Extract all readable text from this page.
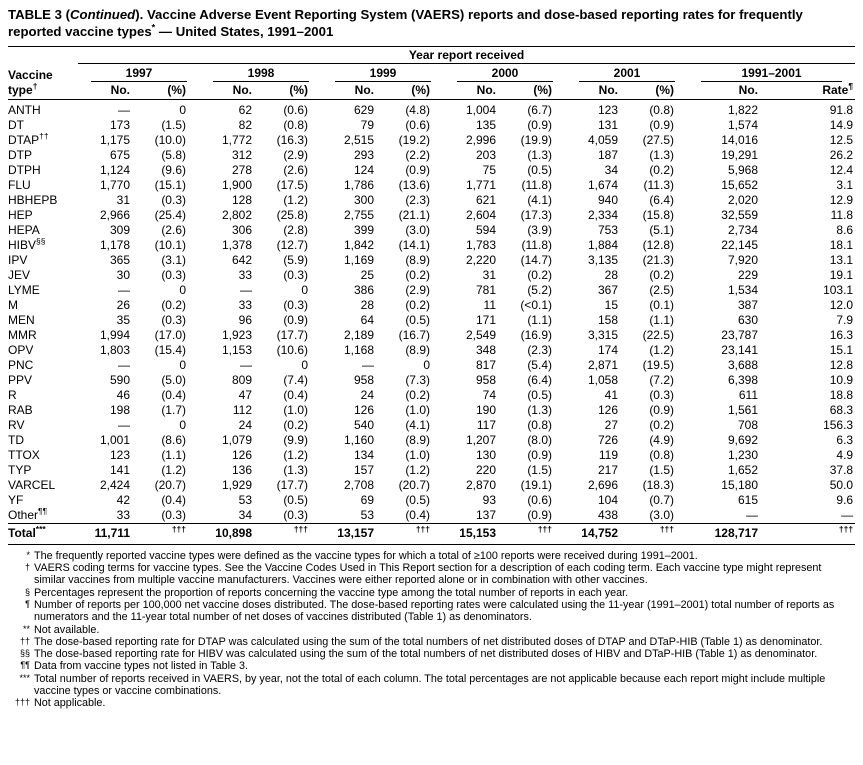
TABLE 3 (Continued). Vaccine Adverse Event Reporting System (VAERS) reports and dose-based reporting rates for frequently reported vaccine types* — United States, 1991–2001
	Year report received											
Vaccine	1997		1998		1999		2000		2001		1991–2001	

type†	No.	(%)	No.	(%)	No.	(%)	No.	(%)	No.	(%)	No.	Rate¶
ANTH	—	0	62	(0.6)	629	(4.8)	1,004	(6.7)	123	(0.8)	1,822	91.8
DT	173	(1.5)	82	(0.8)	79	(0.6)	135	(0.9)	131	(0.9)	1,574	14.9
DTAP††	1,175	(10.0)	1,772	(16.3)	2,515	(19.2)	2,996	(19.9)	4,059	(27.5)	14,016	12.5
DTP	675	(5.8)	312	(2.9)	293	(2.2)	203	(1.3)	187	(1.3)	19,291	26.2
DTPH	1,124	(9.6)	278	(2.6)	124	(0.9)	75	(0.5)	34	(0.2)	5,968	12.4
FLU	1,770	(15.1)	1,900	(17.5)	1,786	(13.6)	1,771	(11.8)	1,674	(11.3)	15,652	3.1
HBHEPB	31	(0.3)	128	(1.2)	300	(2.3)	621	(4.1)	940	(6.4)	2,020	12.9
HEP	2,966	(25.4)	2,802	(25.8)	2,755	(21.1)	2,604	(17.3)	2,334	(15.8)	32,559	11.8
HEPA	309	(2.6)	306	(2.8)	399	(3.0)	594	(3.9)	753	(5.1)	2,734	8.6
HIBV§§	1,178	(10.1)	1,378	(12.7)	1,842	(14.1)	1,783	(11.8)	1,884	(12.8)	22,145	18.1
IPV	365	(3.1)	642	(5.9)	1,169	(8.9)	2,220	(14.7)	3,135	(21.3)	7,920	13.1
JEV	30	(0.3)	33	(0.3)	25	(0.2)	31	(0.2)	28	(0.2)	229	19.1
LYME	—	0	—	0	386	(2.9)	781	(5.2)	367	(2.5)	1,534	103.1
M	26	(0.2)	33	(0.3)	28	(0.2)	11	(<0.1)	15	(0.1)	387	12.0
MEN	35	(0.3)	96	(0.9)	64	(0.5)	171	(1.1)	158	(1.1)	630	7.9
MMR	1,994	(17.0)	1,923	(17.7)	2,189	(16.7)	2,549	(16.9)	3,315	(22.5)	23,787	16.3
OPV	1,803	(15.4)	1,153	(10.6)	1,168	(8.9)	348	(2.3)	174	(1.2)	23,141	15.1
PNC	—	0	—	0	—	0	817	(5.4)	2,871	(19.5)	3,688	12.8
PPV	590	(5.0)	809	(7.4)	958	(7.3)	958	(6.4)	1,058	(7.2)	6,398	10.9
R	46	(0.4)	47	(0.4)	24	(0.2)	74	(0.5)	41	(0.3)	611	18.8
RAB	198	(1.7)	112	(1.0)	126	(1.0)	190	(1.3)	126	(0.9)	1,561	68.3
RV	—	0	24	(0.2)	540	(4.1)	117	(0.8)	27	(0.2)	708	156.3
TD	1,001	(8.6)	1,079	(9.9)	1,160	(8.9)	1,207	(8.0)	726	(4.9)	9,692	6.3
TTOX	123	(1.1)	126	(1.2)	134	(1.0)	130	(0.9)	119	(0.8)	1,230	4.9
TYP	141	(1.2)	136	(1.3)	157	(1.2)	220	(1.5)	217	(1.5)	1,652	37.8
VARCEL	2,424	(20.7)	1,929	(17.7)	2,708	(20.7)	2,870	(19.1)	2,696	(18.3)	15,180	50.0
YF	42	(0.4)	53	(0.5)	69	(0.5)	93	(0.6)	104	(0.7)	615	9.6
Other¶¶	33	(0.3)	34	(0.3)	53	(0.4)	137	(0.9)	438	(3.0)	—	—
Total***	11,711	†††	10,898	†††	13,157	†††	15,153	†††	14,752	†††	128,717	†††
* The frequently reported vaccine types were defined as the vaccine types for which a total of ≥100 reports were received during 1991–2001.
† VAERS coding terms for vaccine types. See the Vaccine Codes Used in This Report section for a description of each coding term. Each vaccine type might represent similar vaccines from multiple vaccine manufacturers. Vaccines were either reported alone or in combination with other vaccines.
§ Percentages represent the proportion of reports concerning the vaccine type among the total number of reports in each year.
¶ Number of reports per 100,000 net vaccine doses distributed. The dose-based reporting rates were calculated using the 11-year (1991–2001) total number of reports as numerators and the 11-year total number of net doses of vaccines distributed (Table 1) as denominators.
** Not available.
†† The dose-based reporting rate for DTAP was calculated using the sum of the total numbers of net distributed doses of DTAP and DTaP-HIB (Table 1) as denominator.
§§ The dose-based reporting rate for HIBV was calculated using the sum of the total numbers of net distributed doses of HIBV and DTaP-HIB (Table 1) as denominator.
¶¶ Data from vaccine types not listed in Table 3.
*** Total number of reports received in VAERS, by year, not the total of each column. The total percentages are not applicable because each report might include multiple vaccine types or vaccine combinations.
††† Not applicable.
